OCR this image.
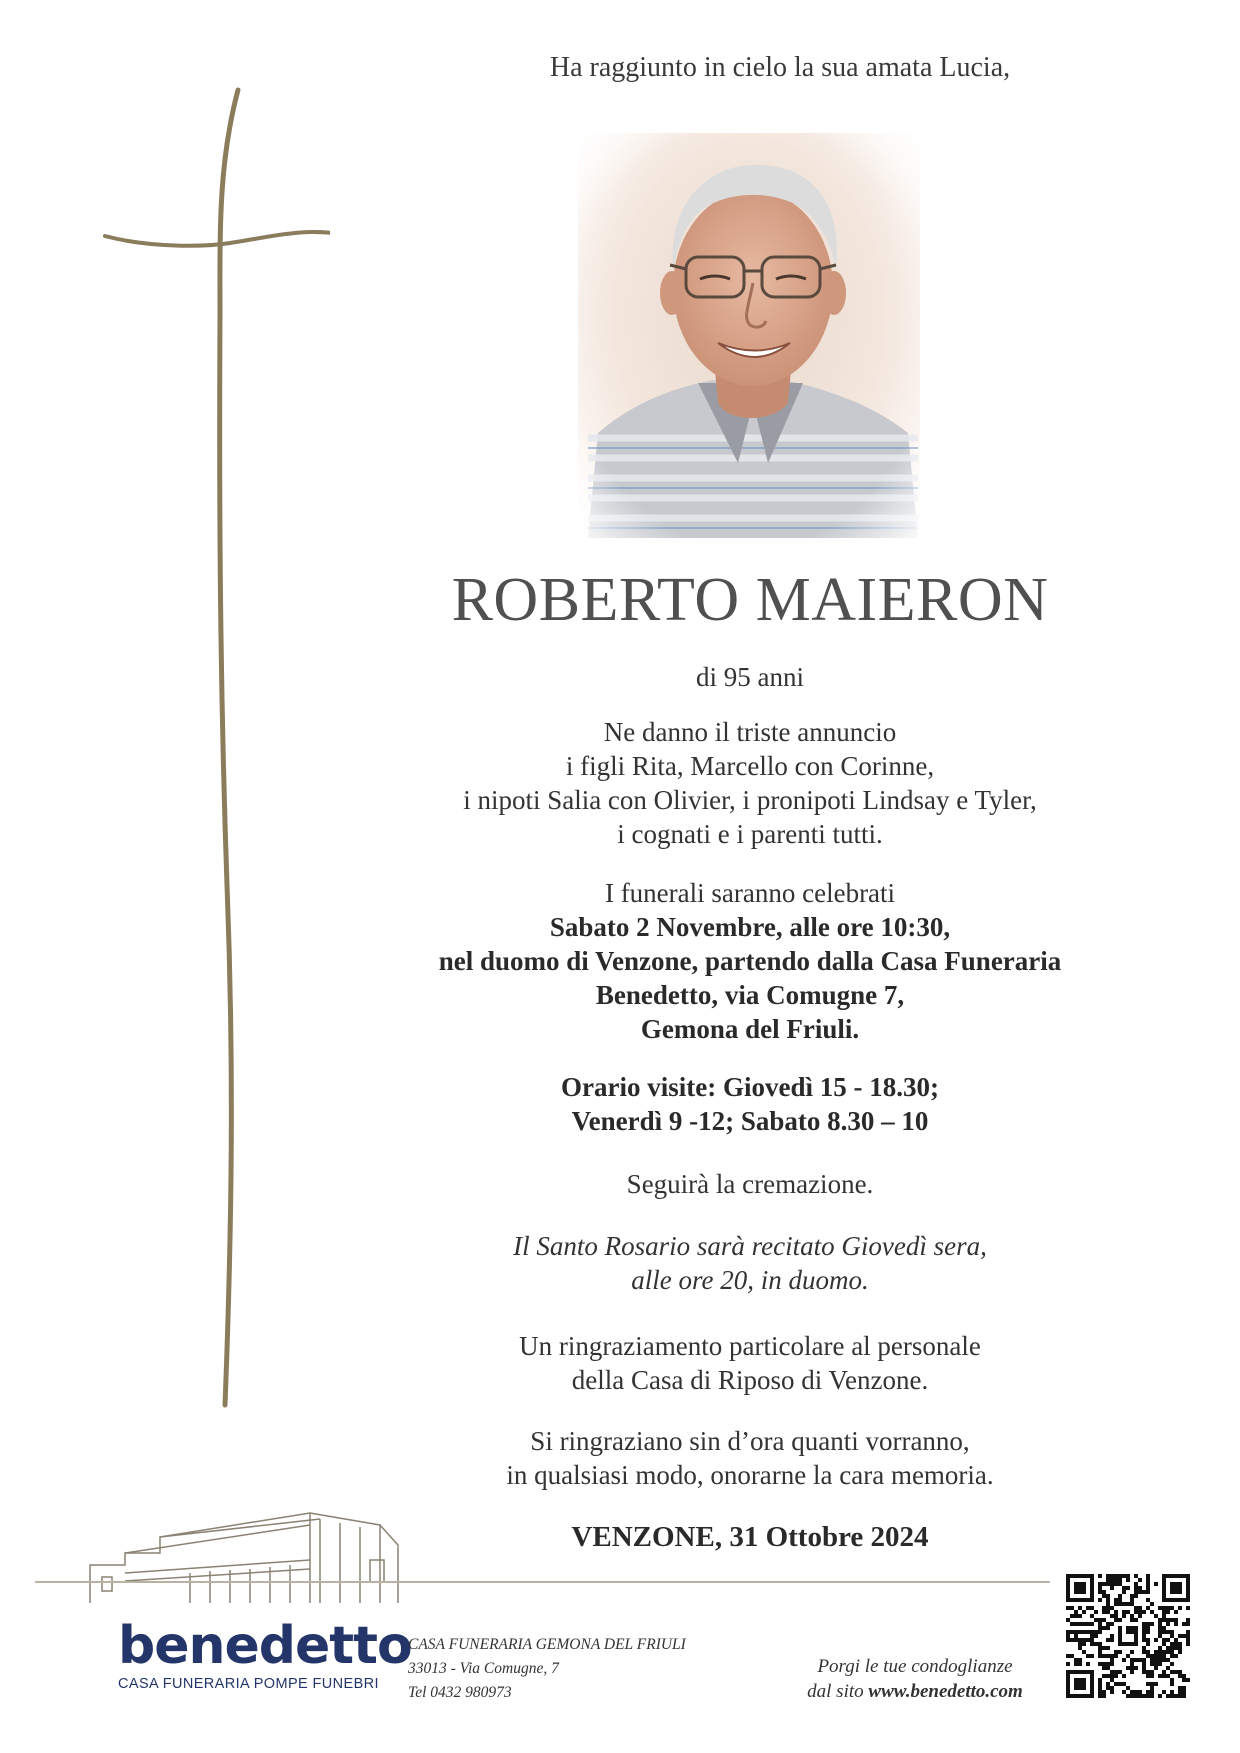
Ha raggiunto in cielo la sua amata Lucia,
ROBERTO MAIERON
di 95 anni
Ne danno il triste annuncio
i figli Rita, Marcello con Corinne,
i nipoti Salia con Olivier, i pronipoti Lindsay e Tyler,
i cognati e i parenti tutti.
I funerali saranno celebrati
Sabato 2 Novembre, alle ore 10:30,
nel duomo di Venzone, partendo dalla Casa Funeraria
Benedetto, via Comugne 7,
Gemona del Friuli.
Orario visite: Giovedì 15 - 18.30;
Venerdì 9 -12; Sabato 8.30 – 10
Seguirà la cremazione.
Il Santo Rosario sarà recitato Giovedì sera,
alle ore 20, in duomo.
Un ringraziamento particolare al personale
della Casa di Riposo di Venzone.
Si ringraziano sin d’ora quanti vorranno,
in qualsiasi modo, onorarne la cara memoria.
VENZONE, 31 Ottobre 2024
benedetto
CASA FUNERARIA POMPE FUNEBRI
CASA FUNERARIA GEMONA DEL FRIULI
33013 - Via Comugne, 7
Tel 0432 980973
Porgi le tue condoglianze
dal sito www.benedetto.com
